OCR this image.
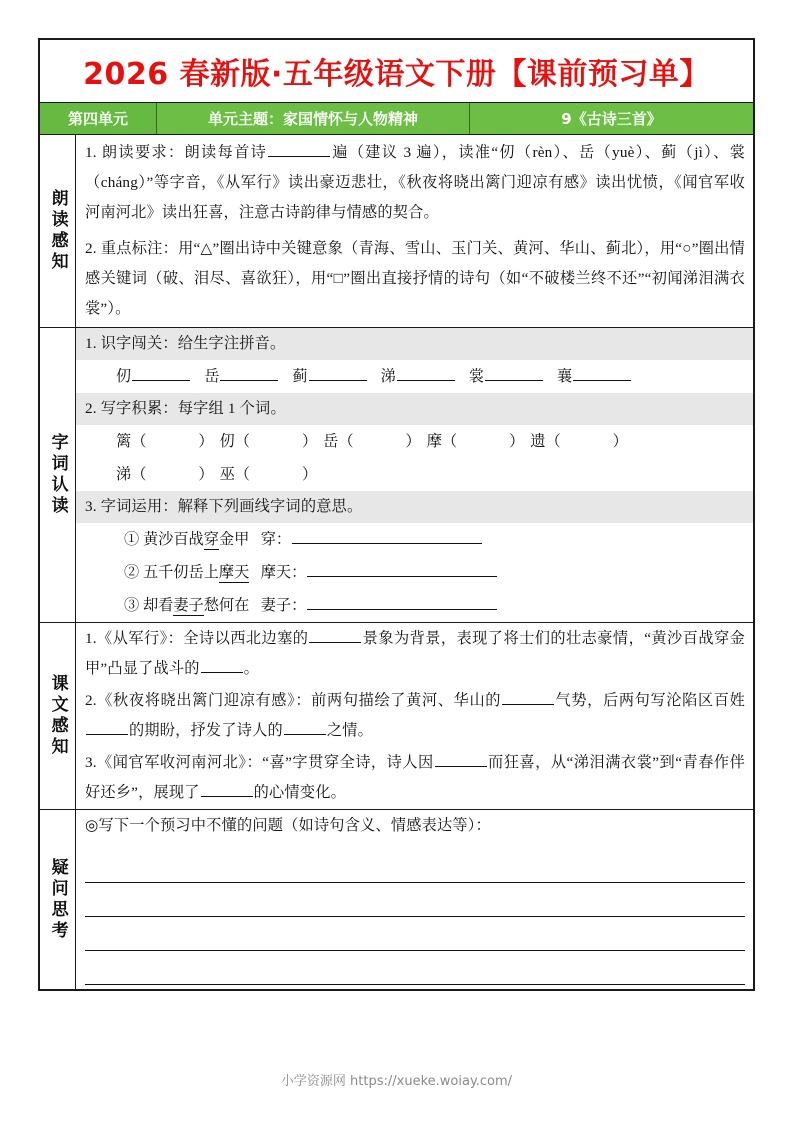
2026 春新版·五年级语文下册【课前预习单】
第四单元	单元主题：家国情怀与人物精神	9《古诗三首》
朗读感知
1. 朗读要求：朗读每首诗	遍（建议 3 遍），读准“仞（rèn）、岳（yuè）、蓟（jì）、裳（cháng）”等字音，《从军行》读出豪迈悲壮，《秋夜将晓出篱门迎凉有感》读出忧愤，《闻官军收河南河北》读出狂喜，注意古诗韵律与情感的契合。
2. 重点标注：用“△”圈出诗中关键意象（青海、雪山、玉门关、黄河、华山、蓟北），用“○”圈出情感关键词（破、泪尽、喜欲狂），用“□”圈出直接抒情的诗句（如“不破楼兰终不还”“初闻涕泪满衣裳”）。
字词认读
1. 识字闯关：给生字注拼音。
仞	岳	蓟	涕	裳	襄
2. 写字积累：每字组 1 个词。
篱（	） 仞（	） 岳（	） 摩（	） 遗（	）
涕（	） 巫（	）
3. 字词运用：解释下列画线字词的意思。
① 黄沙百战穿金甲 穿：
② 五千仞岳上摩天 摩天：
③ 却看妻子愁何在 妻子：
课文感知
1.《从军行》：全诗以西北边塞的	景象为背景，表现了将士们的壮志豪情，“黄沙百战穿金甲”凸显了战斗的	。
2.《秋夜将晓出篱门迎凉有感》：前两句描绘了黄河、华山的	气势，后两句写沦陷区百姓的期盼，抒发了诗人的	之情。
3.《闻官军收河南河北》：“喜”字贯穿全诗，诗人因	而狂喜，从“涕泪满衣裳”到“青春作伴好还乡”，展现了	的心情变化。
疑问思考
◎写下一个预习中不懂的问题（如诗句含义、情感表达等）：
小学资源网 https://xueke.woiay.com/
